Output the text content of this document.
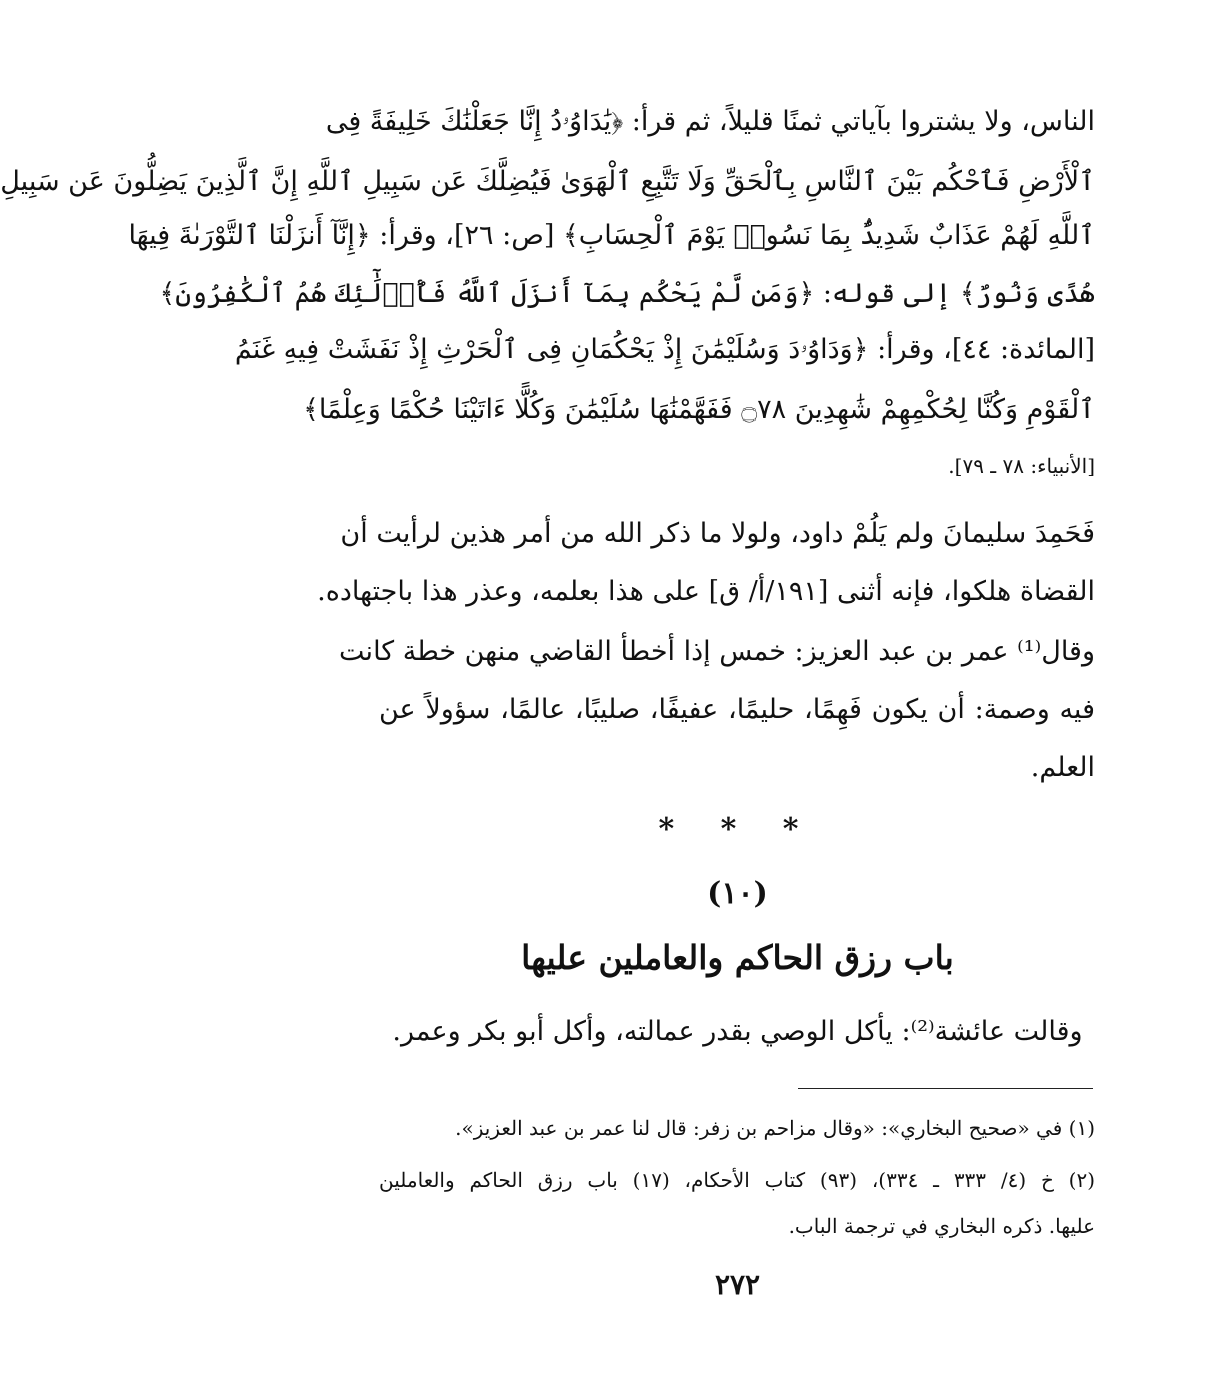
الناس، ولا يشتروا بآياتي ثمنًا قليلاً، ثم قرأ: ﴿يَٰدَاوُۥدُ إِنَّا جَعَلْنَٰكَ خَلِيفَةً فِى
ٱلْأَرْضِ فَٱحْكُم بَيْنَ ٱلنَّاسِ بِٱلْحَقِّ وَلَا تَتَّبِعِ ٱلْهَوَىٰ فَيُضِلَّكَ عَن سَبِيلِ ٱللَّهِ إِنَّ ٱلَّذِينَ يَضِلُّونَ عَن سَبِيلِ
ٱللَّهِ لَهُمْ عَذَابٌ شَدِيدٌۢ بِمَا نَسُوا۟ يَوْمَ ٱلْحِسَابِ﴾ [ص: ٢٦]، وقرأ: ﴿إِنَّآ أَنزَلْنَا ٱلتَّوْرَىٰةَ فِيهَا
هُدًى وَنُورٌ﴾ إلى قوله: ﴿وَمَن لَّمْ يَحْكُم بِمَآ أَنزَلَ ٱللَّهُ فَأُو۟لَٰٓئِكَ هُمُ ٱلْكَٰفِرُونَ﴾
[المائدة: ٤٤]، وقرأ: ﴿وَدَاوُۥدَ وَسُلَيْمَٰنَ إِذْ يَحْكُمَانِ فِى ٱلْحَرْثِ إِذْ نَفَشَتْ فِيهِ غَنَمُ
ٱلْقَوْمِ وَكُنَّا لِحُكْمِهِمْ شَٰهِدِينَ ۝٧٨ فَفَهَّمْنَٰهَا سُلَيْمَٰنَ وَكُلًّا ءَاتَيْنَا حُكْمًا وَعِلْمًا﴾
[الأنبياء: ٧٨ ـ ٧٩].
فَحَمِدَ سليمانَ ولم يَلُمْ داود، ولولا ما ذكر الله من أمر هذين لرأيت أن
القضاة هلكوا، فإنه أثنى [١٩١/أ/ ق] على هذا بعلمه، وعذر هذا باجتهاده.
وقال⁽¹⁾ عمر بن عبد العزيز: خمس إذا أخطأ القاضي منهن خطة كانت
فيه وصمة: أن يكون فَهِمًا، حليمًا، عفيفًا، صليبًا، عالمًا، سؤولاً عن
العلم.
* * *
(١٠)
باب رزق الحاكم والعاملين عليها
وقالت عائشة⁽²⁾: يأكل الوصي بقدر عمالته، وأكل أبو بكر وعمر.
(١) في «صحيح البخاري»: «وقال مزاحم بن زفر: قال لنا عمر بن عبد العزيز».
(٢) خ (٤/ ٣٣٣ ـ ٣٣٤)، (٩٣) كتاب الأحكام، (١٧) باب رزق الحاكم والعاملين
عليها. ذكره البخاري في ترجمة الباب.
٢٧٢
